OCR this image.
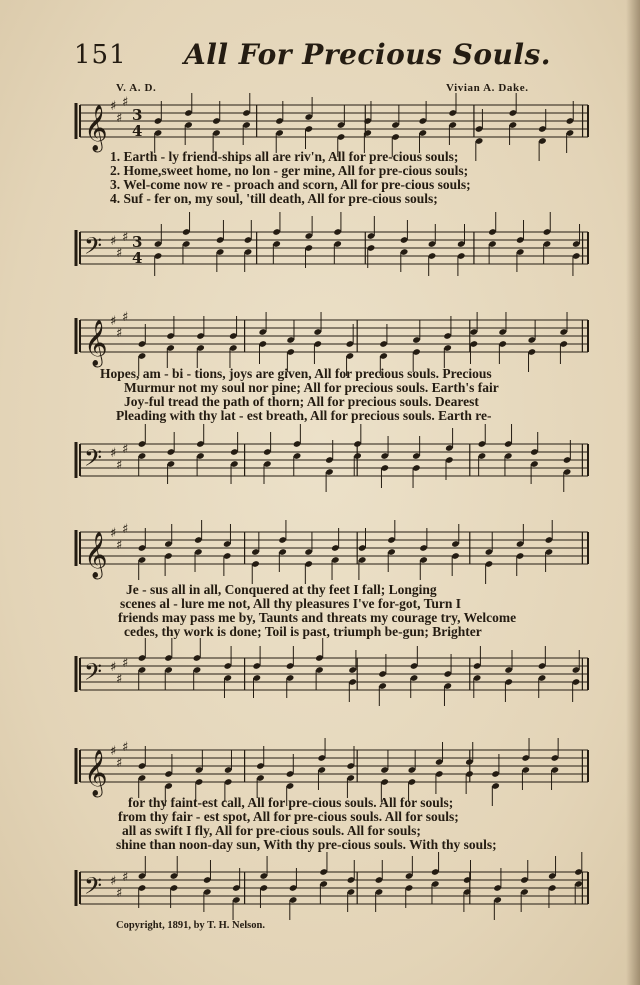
151 All For Precious Souls.
V. A. D.	Vivian A. Dake.
𝄞 ♯
♯
♯
3
4
1. Earth - ly friend-ships all are riv'n, All for pre-cious souls;
2. Home,sweet home, no lon - ger mine, All for pre-cious souls;
3. Wel-come now re - proach and scorn, All for pre-cious souls;
4. Suf - fer on, my soul, 'till death, All for pre-cious souls;
𝄢 ♯
♯
♯ 3
4
𝄞 ♯
♯
♯
Hopes, am - bi - tions, joys are given, All for precious souls. Precious
Murmur not my soul nor pine; All for precious souls. Earth's fair
Joy-ful tread the path of thorn; All for precious souls. Dearest
Pleading with thy lat - est breath, All for precious souls. Earth re-
𝄢 ♯
♯
♯
𝄞 ♯
♯
♯
Je - sus all in all, Conquered at thy feet I fall; Longing
scenes al - lure me not, All thy pleasures I've for-got, Turn I
friends may pass me by, Taunts and threats my courage try, Welcome
cedes, thy work is done; Toil is past, triumph be-gun; Brighter
𝄢 ♯
♯
♯
𝄞 ♯
♯
♯
for thy faint-est call, All for pre-cious souls. All for souls;
from thy fair - est spot, All for pre-cious souls. All for souls;
all as swift I fly, All for pre-cious souls. All for souls;
shine than noon-day sun, With thy pre-cious souls. With thy souls;
𝄢 ♯
♯
♯
Copyright, 1891, by T. H. Nelson.
